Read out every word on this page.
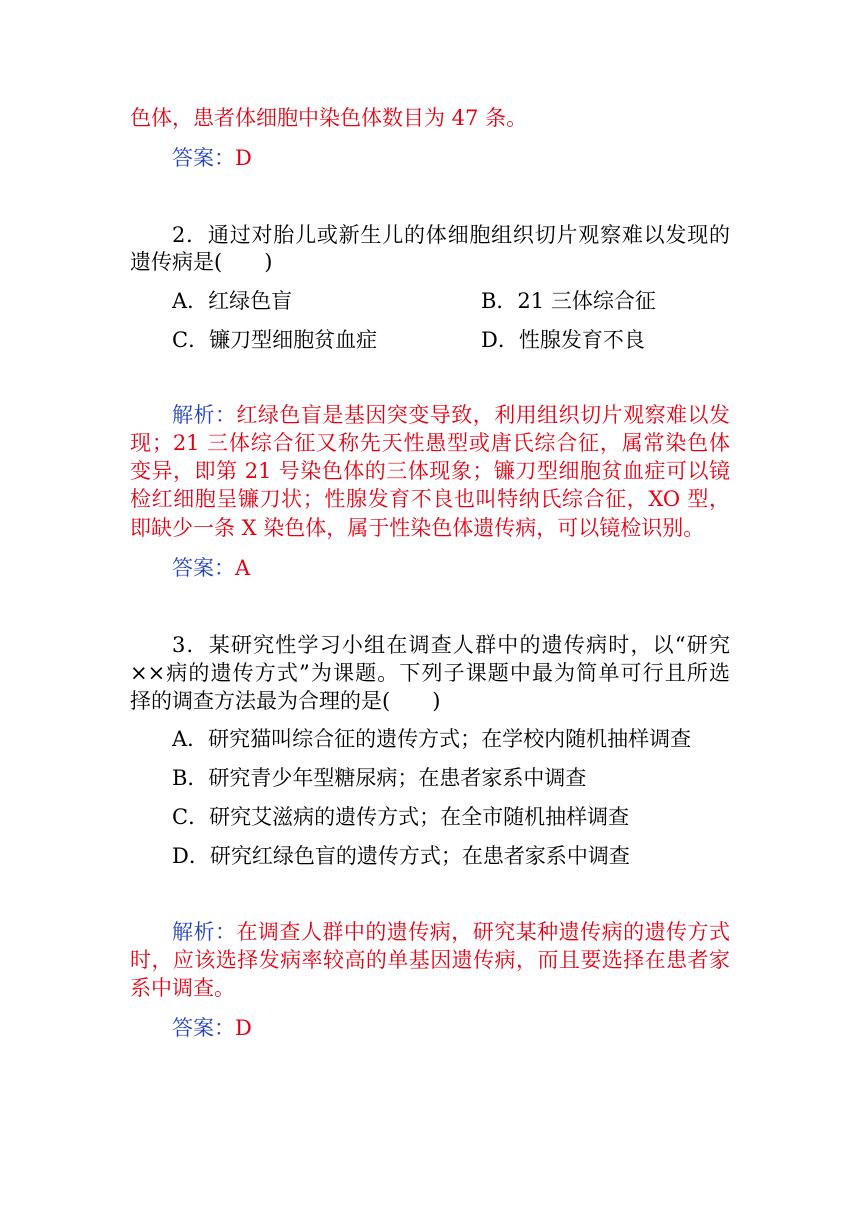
色体，患者体细胞中染色体数目为 47 条。
答案：D
2．通过对胎儿或新生儿的体细胞组织切片观察难以发现的
遗传病是(　　)
A．红绿色盲	B．21 三体综合征
C．镰刀型细胞贫血症	D．性腺发育不良
解析：红绿色盲是基因突变导致，利用组织切片观察难以发
现；21 三体综合征又称先天性愚型或唐氏综合征，属常染色体
变异，即第 21 号染色体的三体现象；镰刀型细胞贫血症可以镜
检红细胞呈镰刀状；性腺发育不良也叫特纳氏综合征，XO 型，
即缺少一条 X 染色体，属于性染色体遗传病，可以镜检识别。
答案：A
3．某研究性学习小组在调查人群中的遗传病时，以“研究
××病的遗传方式”为课题。下列子课题中最为简单可行且所选
择的调查方法最为合理的是(　　)
A．研究猫叫综合征的遗传方式；在学校内随机抽样调查
B．研究青少年型糖尿病；在患者家系中调查
C．研究艾滋病的遗传方式；在全市随机抽样调查
D．研究红绿色盲的遗传方式；在患者家系中调查
解析：在调查人群中的遗传病，研究某种遗传病的遗传方式
时，应该选择发病率较高的单基因遗传病，而且要选择在患者家
系中调查。
答案：D
